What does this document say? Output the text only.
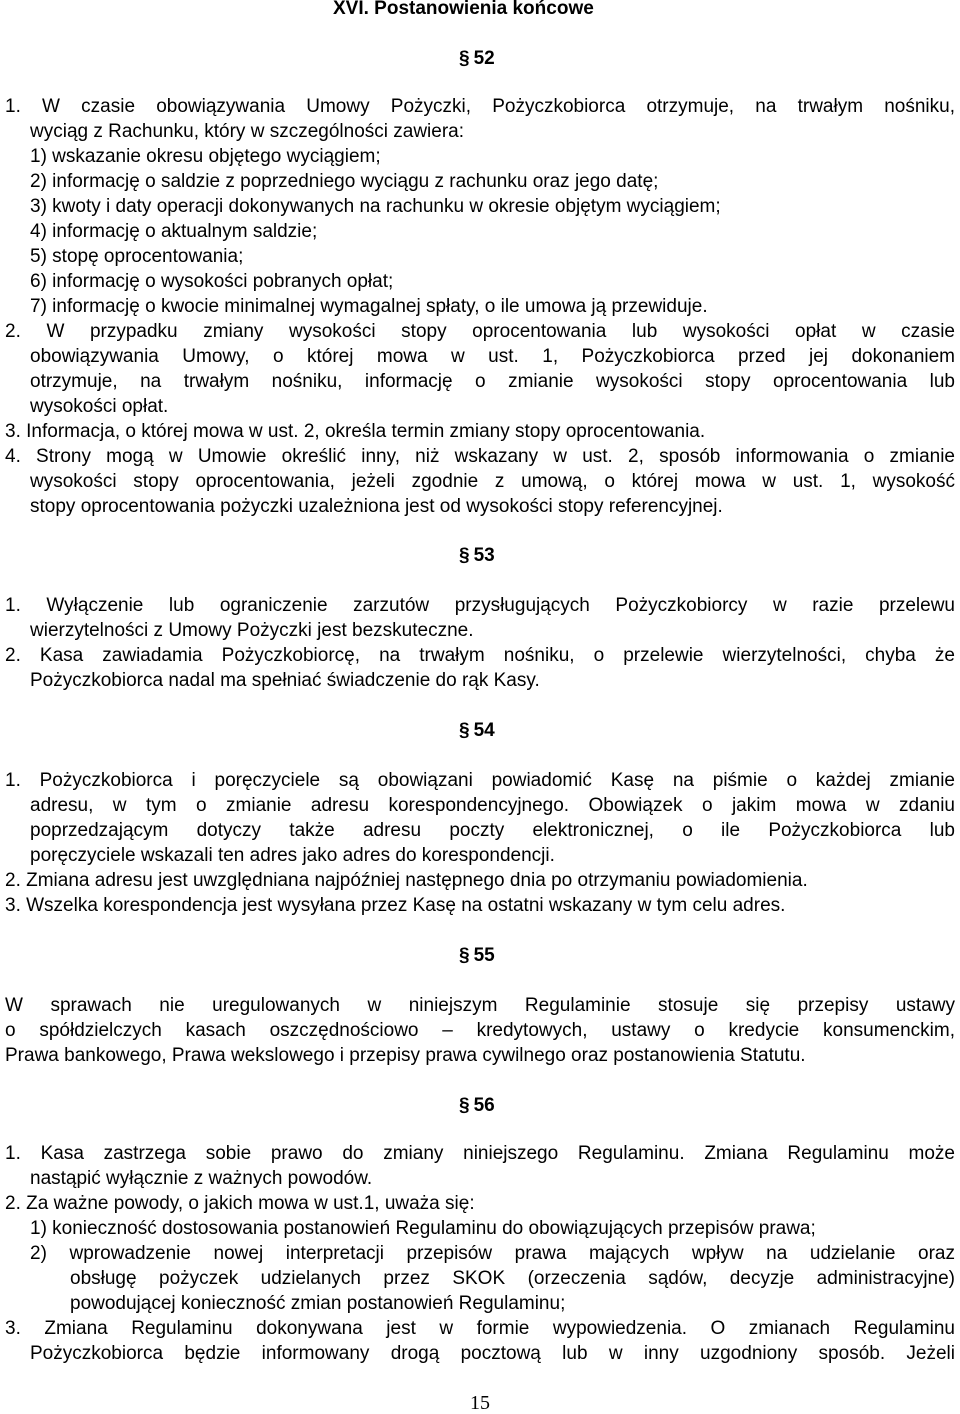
XVI. Postanowienia końcowe
§ 52
1. W czasie obowiązywania Umowy Pożyczki, Pożyczkobiorca otrzymuje, na trwałym nośniku,
wyciąg z Rachunku, który w szczególności zawiera:
1) wskazanie okresu objętego wyciągiem;
2) informację o saldzie z poprzedniego wyciągu z rachunku oraz jego datę;
3) kwoty i daty operacji dokonywanych na rachunku w okresie objętym wyciągiem;
4) informację o aktualnym saldzie;
5) stopę oprocentowania;
6) informację o wysokości pobranych opłat;
7) informację o kwocie minimalnej wymagalnej spłaty, o ile umowa ją przewiduje.
2. W przypadku zmiany wysokości stopy oprocentowania lub wysokości opłat w czasie
obowiązywania Umowy, o której mowa w ust. 1, Pożyczkobiorca przed jej dokonaniem
otrzymuje, na trwałym nośniku, informację o zmianie wysokości stopy oprocentowania lub
wysokości opłat.
3. Informacja, o której mowa w ust. 2, określa termin zmiany stopy oprocentowania.
4. Strony mogą w Umowie określić inny, niż wskazany w ust. 2, sposób informowania o zmianie
wysokości stopy oprocentowania, jeżeli zgodnie z umową, o której mowa w ust. 1, wysokość
stopy oprocentowania pożyczki uzależniona jest od wysokości stopy referencyjnej.
§ 53
1. Wyłączenie lub ograniczenie zarzutów przysługujących Pożyczkobiorcy w razie przelewu
wierzytelności z Umowy Pożyczki jest bezskuteczne.
2. Kasa zawiadamia Pożyczkobiorcę, na trwałym nośniku, o przelewie wierzytelności, chyba że
Pożyczkobiorca nadal ma spełniać świadczenie do rąk Kasy.
§ 54
1. Pożyczkobiorca i poręczyciele są obowiązani powiadomić Kasę na piśmie o każdej zmianie
adresu, w tym o zmianie adresu korespondencyjnego. Obowiązek o jakim mowa w zdaniu
poprzedzającym dotyczy także adresu poczty elektronicznej, o ile Pożyczkobiorca lub
poręczyciele wskazali ten adres jako adres do korespondencji.
2. Zmiana adresu jest uwzględniana najpóźniej następnego dnia po otrzymaniu powiadomienia.
3. Wszelka korespondencja jest wysyłana przez Kasę na ostatni wskazany w tym celu adres.
§ 55
W sprawach nie uregulowanych w niniejszym Regulaminie stosuje się przepisy ustawy
o spółdzielczych kasach oszczędnościowo – kredytowych, ustawy o kredycie konsumenckim,
Prawa bankowego, Prawa wekslowego i przepisy prawa cywilnego oraz postanowienia Statutu.
§ 56
1. Kasa zastrzega sobie prawo do zmiany niniejszego Regulaminu. Zmiana Regulaminu może
nastąpić wyłącznie z ważnych powodów.
2. Za ważne powody, o jakich mowa w ust.1, uważa się:
1) konieczność dostosowania postanowień Regulaminu do obowiązujących przepisów prawa;
2) wprowadzenie nowej interpretacji przepisów prawa mających wpływ na udzielanie oraz
obsługę pożyczek udzielanych przez SKOK (orzeczenia sądów, decyzje administracyjne)
powodującej konieczność zmian postanowień Regulaminu;
3. Zmiana Regulaminu dokonywana jest w formie wypowiedzenia. O zmianach Regulaminu
Pożyczkobiorca będzie informowany drogą pocztową lub w inny uzgodniony sposób. Jeżeli
15
